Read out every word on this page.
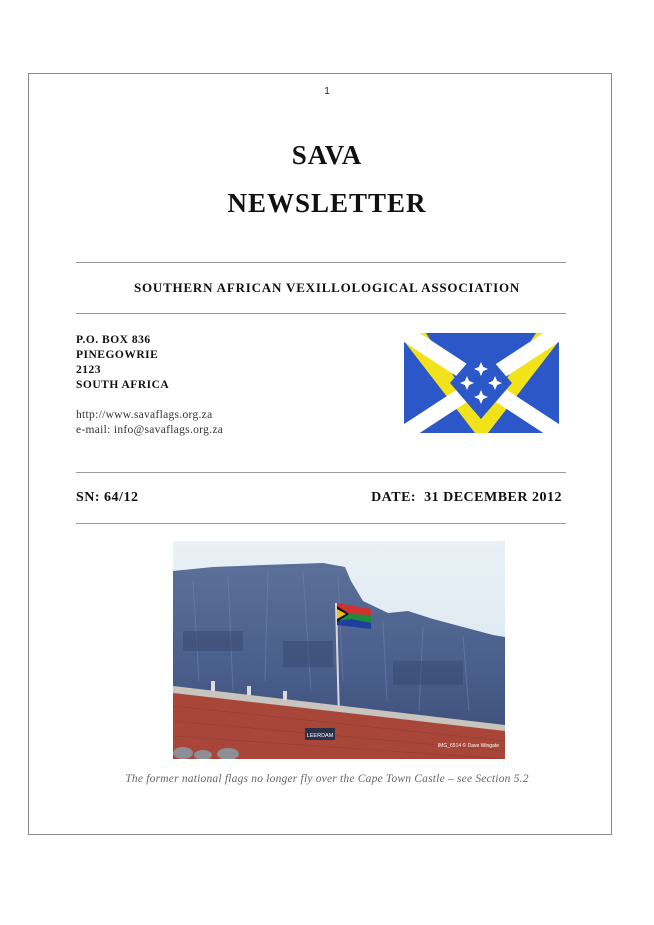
1
SAVA
NEWSLETTER
SOUTHERN AFRICAN VEXILLOLOGICAL ASSOCIATION
P.O. BOX 836
PINEGOWRIE
2123
SOUTH AFRICA
http://www.savaflags.org.za
e-mail: info@savaflags.org.za
SN: 64/12	DATE: 31 DECEMBER 2012
LEERDAM
IMG_6514 © Dave Wingate
The former national flags no longer fly over the Cape Town Castle – see Section 5.2
